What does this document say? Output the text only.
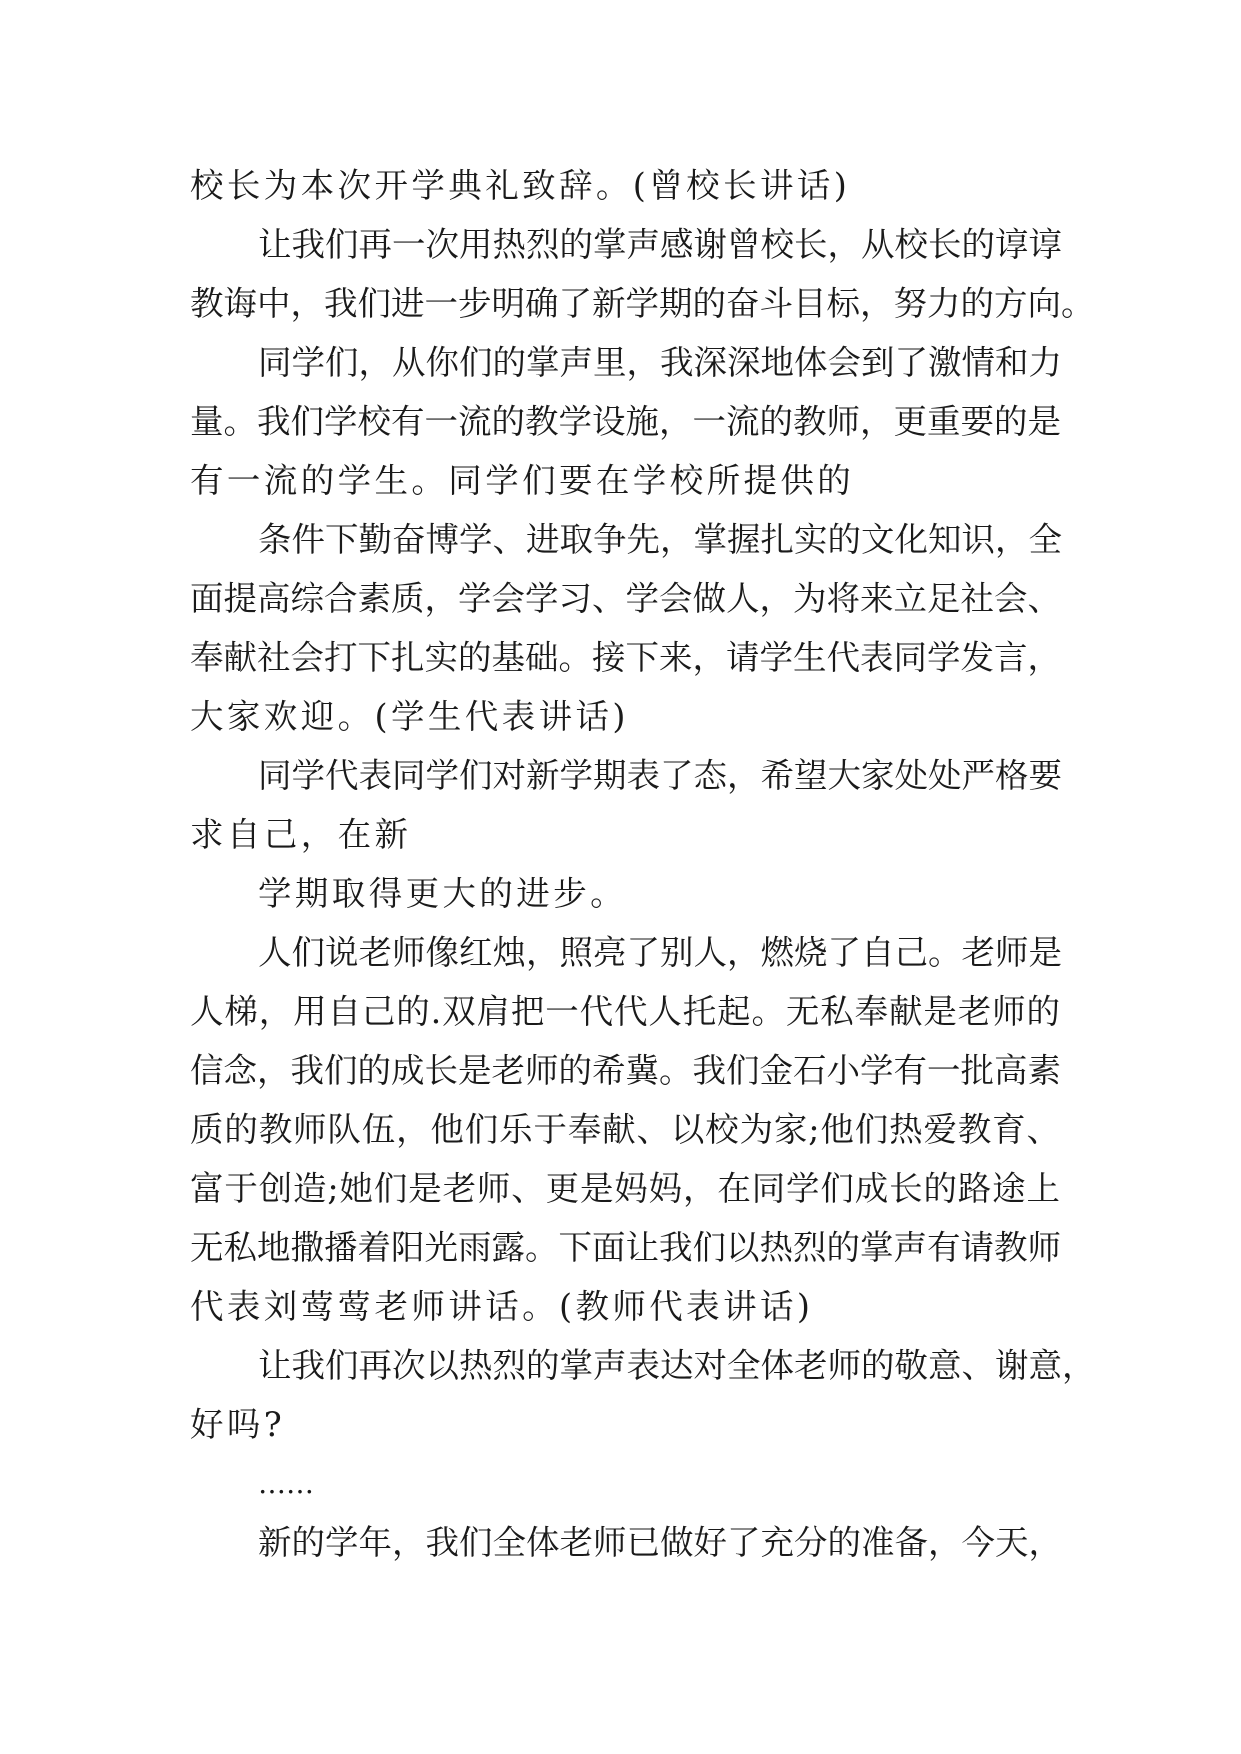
校长为本次开学典礼致辞。(曾校长讲话)
让我们再一次用热烈的掌声感谢曾校长，从校长的谆谆
教诲中，我们进一步明确了新学期的奋斗目标，努力的方向。
同学们，从你们的掌声里，我深深地体会到了激情和力
量。我们学校有一流的教学设施，一流的教师，更重要的是
有一流的学生。同学们要在学校所提供的
条件下勤奋博学、进取争先，掌握扎实的文化知识，全
面提高综合素质，学会学习、学会做人，为将来立足社会、
奉献社会打下扎实的基础。接下来，请学生代表同学发言，
大家欢迎。(学生代表讲话)
同学代表同学们对新学期表了态，希望大家处处严格要
求自己，在新
学期取得更大的进步。
人们说老师像红烛，照亮了别人，燃烧了自己。老师是
人梯，用自己的.双肩把一代代人托起。无私奉献是老师的
信念，我们的成长是老师的希冀。我们金石小学有一批高素
质的教师队伍，他们乐于奉献、以校为家;他们热爱教育、
富于创造;她们是老师、更是妈妈，在同学们成长的路途上
无私地撒播着阳光雨露。下面让我们以热烈的掌声有请教师
代表刘莺莺老师讲话。(教师代表讲话)
让我们再次以热烈的掌声表达对全体老师的敬意、谢意，
好吗?
……
新的学年，我们全体老师已做好了充分的准备，今天，
